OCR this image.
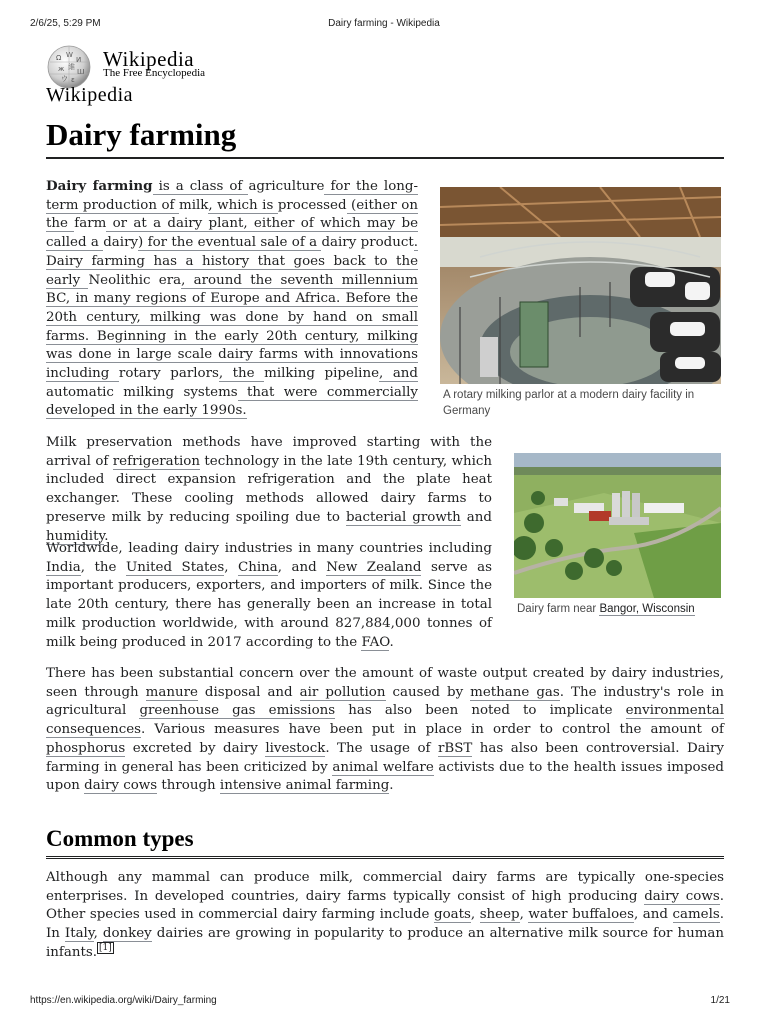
2/6/25, 5:29 PM	Dairy farming - Wikipedia
Ω W
И
ж 維
Ш
ウ ε
Wikipedia
The Free Encyclopedia
Wikipedia
Dairy farming
A rotary milking parlor at a modern dairy facility in Germany
Dairy farm near Bangor, Wisconsin

Dairy farming is a class of agriculture for the long-term production of milk, which is processed (either on the farm or at a dairy plant, either of which may be called a dairy) for the eventual sale of a dairy product. Dairy farming has a history that goes back to the early Neolithic era, around the seventh millennium BC, in many regions of Europe and Africa. Before the 20th century, milking was done by hand on small farms. Beginning in the early 20th century, milking was done in large scale dairy farms with innovations including rotary parlors, the milking pipeline, and automatic milking systems that were commercially developed in the early 1990s.

Milk preservation methods have improved starting with the arrival of refrigeration technology in the late 19th century, which included direct expansion refrigeration and the plate heat exchanger. These cooling methods allowed dairy farms to preserve milk by reducing spoiling due to bacterial growth and humidity.

Worldwide, leading dairy industries in many countries including India, the United States, China, and New Zealand serve as important producers, exporters, and importers of milk. Since the late 20th century, there has generally been an increase in total milk production worldwide, with around 827,884,000 tonnes of milk being produced in 2017 according to the FAO.

There has been substantial concern over the amount of waste output created by dairy industries, seen through manure disposal and air pollution caused by methane gas. The industry's role in agricultural greenhouse gas emissions has also been noted to implicate environmental consequences. Various measures have been put in place in order to control the amount of phosphorus excreted by dairy livestock. The usage of rBST has also been controversial. Dairy farming in general has been criticized by animal welfare activists due to the health issues imposed upon dairy cows through intensive animal farming.

Common types

Although any mammal can produce milk, commercial dairy farms are typically one-species enterprises. In developed countries, dairy farms typically consist of high producing dairy cows. Other species used in commercial dairy farming include goats, sheep, water buffaloes, and camels. In Italy, donkey dairies are growing in popularity to produce an alternative milk source for human infants. [1]

https://en.wikipedia.org/wiki/Dairy_farming	1/21
